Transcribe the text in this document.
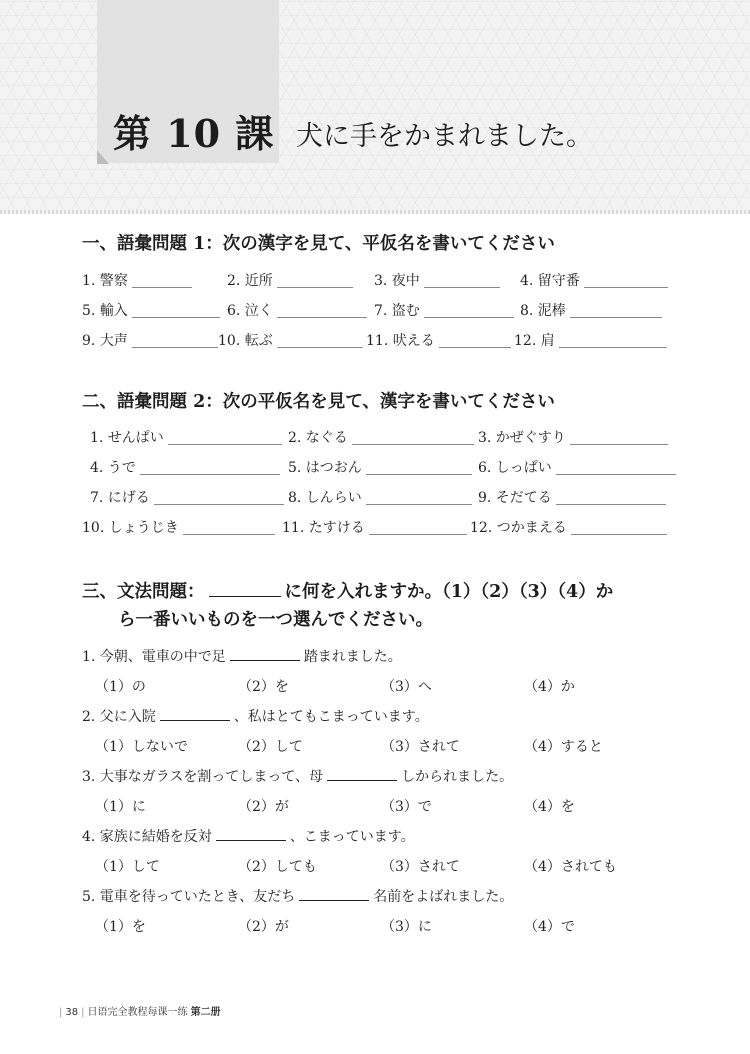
第 10 課 犬に手をかまれました。
一、語彙問題 1：次の漢字を見て、平仮名を書いてください
1. 警察	2. 近所	3. 夜中	4. 留守番
5. 輸入	6. 泣く	7. 盗む	8. 泥棒
9. 大声	10. 転ぶ	11. 吠える	12. 肩
二、語彙問題 2：次の平仮名を見て、漢字を書いてください
1. せんぱい	2. なぐる	3. かぜぐすり
4. うで	5. はつおん	6. しっぱい
7. にげる	8. しんらい	9. そだてる
10. しょうじき	11. たすける	12. つかまえる
三、文法問題：	に何を入れますか。（1）（2）（3）（4）か
ら一番いいものを一つ選んでください。
1. 今朝、電車の中で足	踏まれました。
（1）の	（2）を	（3）へ	（4）か
2. 父に入院	、私はとてもこまっています。
（1）しないで	（2）して	（3）されて	（4）すると
3. 大事なガラスを割ってしまって、母	しかられました。
（1）に	（2）が	（3）で	（4）を
4. 家族に結婚を反対	、こまっています。
（1）して	（2）しても	（3）されて	（4）されても
5. 電車を待っていたとき、友だち	名前をよばれました。
（1）を	（2）が	（3）に	（4）で
| 38 | 日语完全教程每课一练 第二册
